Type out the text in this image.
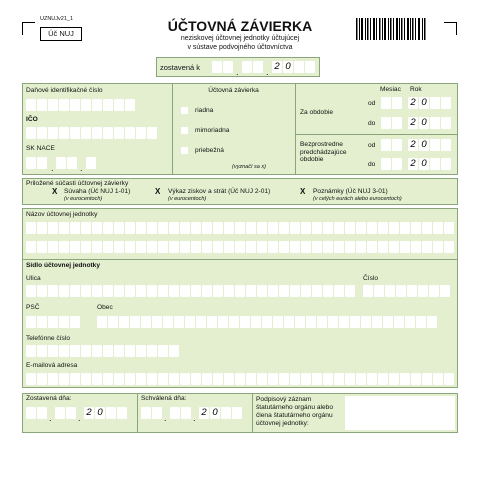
UZNUJv21_1
Úč NUJ	ÚČTOVNÁ ZÁVIERKA
neziskovej účtovnej jednotky účtujúcej
v sústave podvojného účtovníctva
zostavená k	.	. 2 0
Daňové identifikačné číslo
IČO
SK NACE
.	.
Účtovná závierka
riadna
mimoriadna
priebežná
(vyznačí sa x)
Mesiac Rok
Za obdobie
od	2 0
do	2 0
Bezprostredne predchádzajúce obdobie
od	2 0
do	2 0
Priložené súčasti účtovnej závierky
X Súvaha (Úč NUJ 1-01)
(v eurocentoch)
X Výkaz ziskov a strát (Úč NUJ 2-01)
(v eurocentoch)
X Poznámky (Úč NUJ 3-01)
(v celých eurách alebo eurocentoch)
Názov účtovnej jednotky
Sídlo účtovnej jednotky
Ulica	Číslo
PSČ	Obec
Telefónne číslo
E-mailová adresa
Zostavená dňa:
.	. 2 0
Schválená dňa:
.	. 2 0
Podpisový záznam štatutárneho orgánu alebo člena štatutárneho orgánu účtovnej jednotky:
